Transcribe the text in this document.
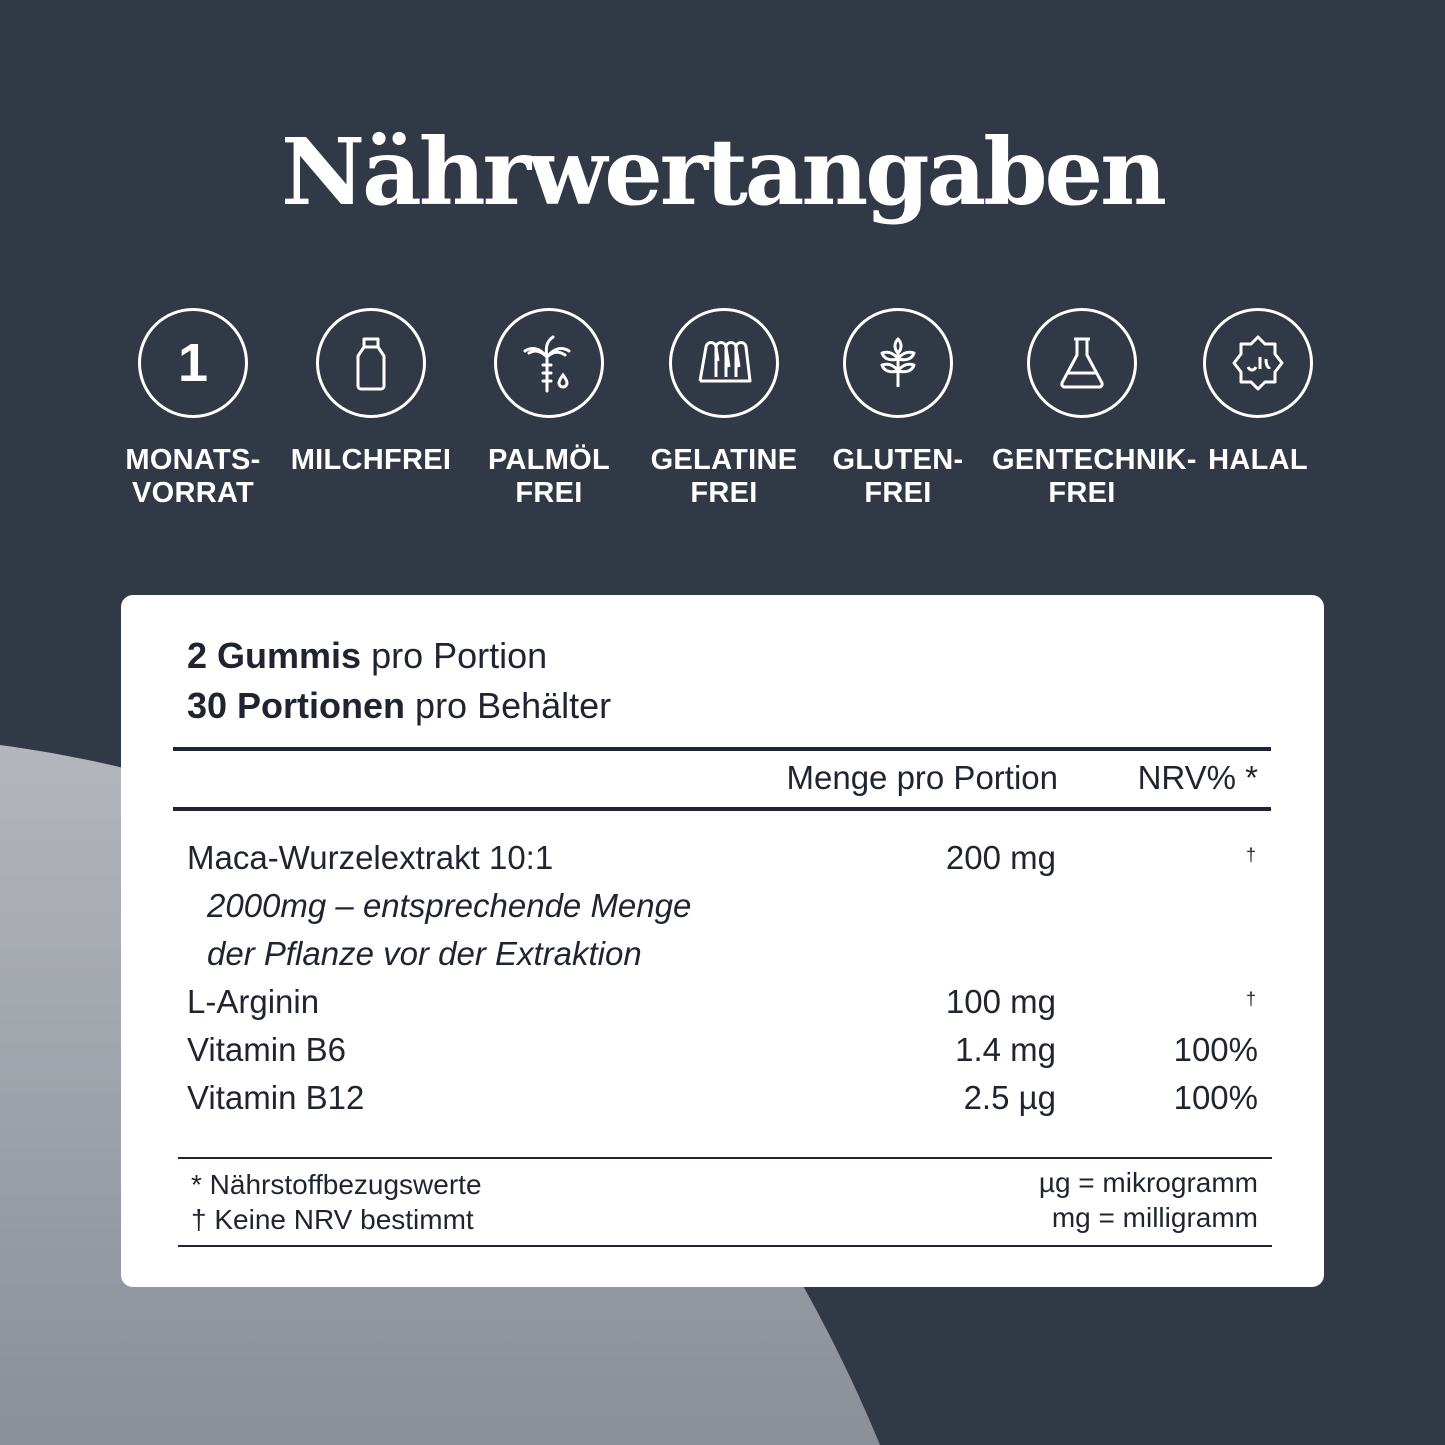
Nährwertangaben
1
MONATS-
VORRAT
MILCHFREI	PALMÖL
FREI
GELATINE
FREI
GLUTEN-
FREI
GENTECHNIK-
FREI
HALAL
2 Gummis pro Portion
30 Portionen pro Behälter
Menge pro Portion NRV% *
Maca-Wurzelextrakt 10:1	200 mg	†
2000mg – entsprechende Menge
der Pflanze vor der Extraktion
L-Arginin	100 mg	†
Vitamin B6	1.4 mg	100%
Vitamin B12	2.5 µg	100%
* Nährstoffbezugswerte
† Keine NRV bestimmt
µg = mikrogramm
mg = milligramm
